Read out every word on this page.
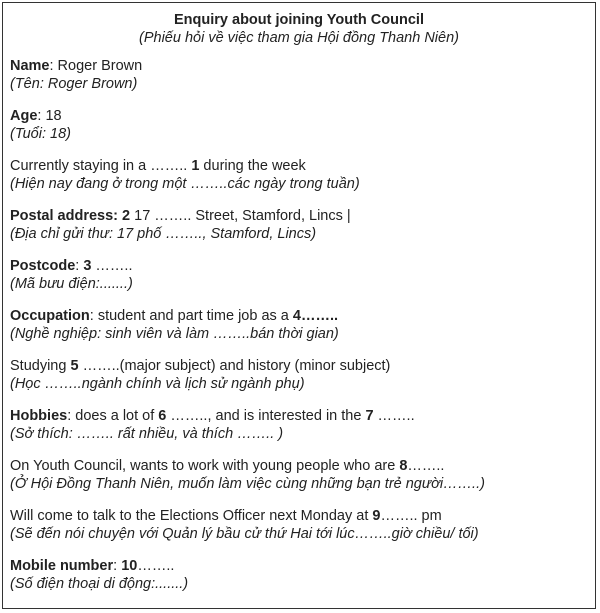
Enquiry about joining Youth Council
(Phiếu hỏi về việc tham gia Hội đồng Thanh Niên)
Name: Roger Brown
(Tên: Roger Brown)
Age: 18
(Tuổi: 18)
Currently staying in a …….. 1 during the week
(Hiện nay đang ở trong một ……..các ngày trong tuần)
Postal address: 2 17 …….. Street, Stamford, Lincs |
(Địa chỉ gửi thư: 17 phố …….., Stamford, Lincs)
Postcode: 3 ……..
(Mã bưu điện:.......)
Occupation: student and part time job as a 4……..
(Nghề nghiệp: sinh viên và làm ……..bán thời gian)
Studying 5 ……..(major subject) and history (minor subject)
(Học ……..ngành chính và lịch sử ngành phụ)
Hobbies: does a lot of 6 …….., and is interested in the 7 ……..
(Sở thích: …….. rất nhiều, và thích …….. )
On Youth Council, wants to work with young people who are 8……..
(Ở Hội Đồng Thanh Niên, muốn làm việc cùng những bạn trẻ người……..)
Will come to talk to the Elections Officer next Monday at 9…….. pm
(Sẽ đến nói chuyện với Quản lý bầu cử thứ Hai tới lúc……..giờ chiều/ tối)
Mobile number: 10……..
(Số điện thoại di động:.......)
